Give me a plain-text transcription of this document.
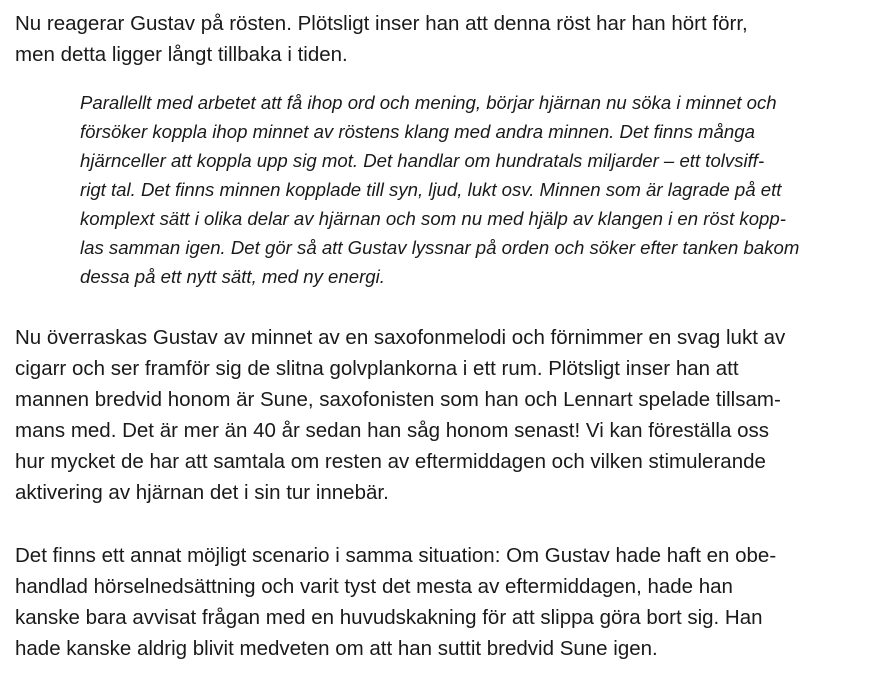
Nu reagerar Gustav på rösten. Plötsligt inser han att denna röst har han hört förr,
men detta ligger långt tillbaka i tiden.

Parallellt med arbetet att få ihop ord och mening, börjar hjärnan nu söka i minnet och
försöker koppla ihop minnet av röstens klang med andra minnen. Det finns många
hjärnceller att koppla upp sig mot. Det handlar om hundratals miljarder – ett tolvsiff-
rigt tal. Det finns minnen kopplade till syn, ljud, lukt osv. Minnen som är lagrade på ett
komplext sätt i olika delar av hjärnan och som nu med hjälp av klangen i en röst kopp-
las samman igen. Det gör så att Gustav lyssnar på orden och söker efter tanken bakom
dessa på ett nytt sätt, med ny energi.

Nu överraskas Gustav av minnet av en saxofonmelodi och förnimmer en svag lukt av
cigarr och ser framför sig de slitna golvplankorna i ett rum. Plötsligt inser han att
mannen bredvid honom är Sune, saxofonisten som han och Lennart spelade tillsam-
mans med. Det är mer än 40 år sedan han såg honom senast! Vi kan föreställa oss
hur mycket de har att samtala om resten av eftermiddagen och vilken stimulerande
aktivering av hjärnan det i sin tur innebär.

Det finns ett annat möjligt scenario i samma situation: Om Gustav hade haft en obe-
handlad hörselnedsättning och varit tyst det mesta av eftermiddagen, hade han
kanske bara avvisat frågan med en huvudskakning för att slippa göra bort sig. Han
hade kanske aldrig blivit medveten om att han suttit bredvid Sune igen.
